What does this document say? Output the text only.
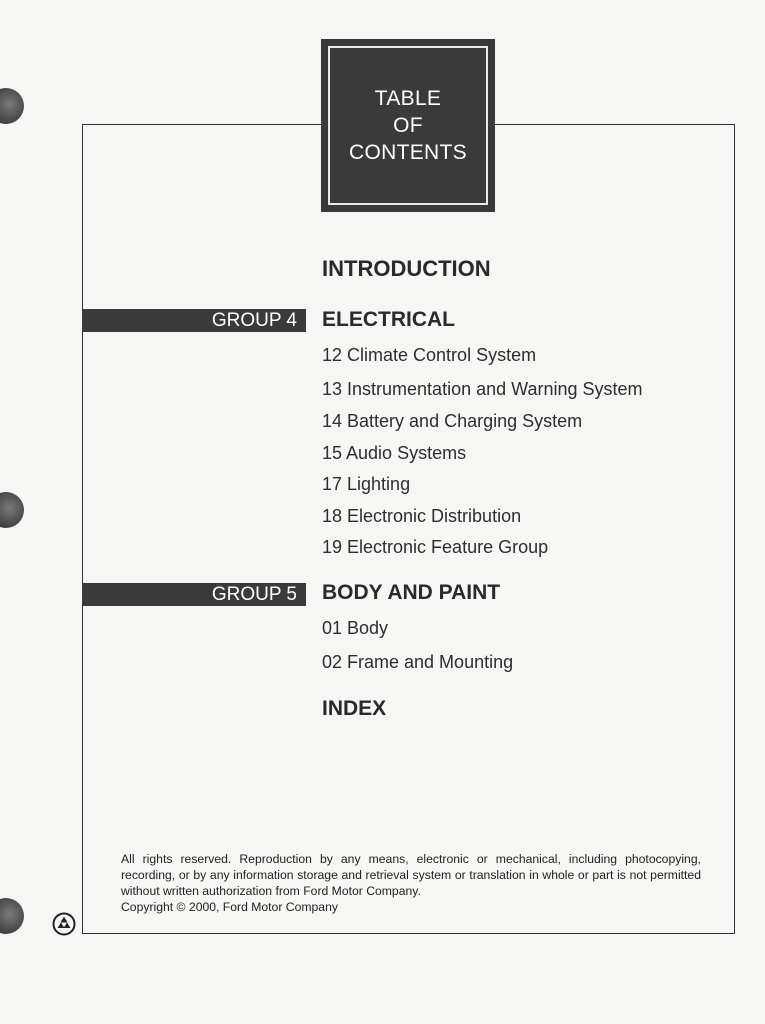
TABLE
OF
CONTENTS
INTRODUCTION
GROUP 4	ELECTRICAL
12 Climate Control System
13 Instrumentation and Warning System
14 Battery and Charging System
15 Audio Systems
17 Lighting
18 Electronic Distribution
19 Electronic Feature Group
GROUP 5	BODY AND PAINT
01 Body
02 Frame and Mounting
INDEX

All rights reserved. Reproduction by any means, electronic or mechanical, including photocopying, recording, or by any information storage and retrieval system or translation in whole or part is not permitted without written authorization from Ford Motor Company.

Copyright © 2000, Ford Motor Company
